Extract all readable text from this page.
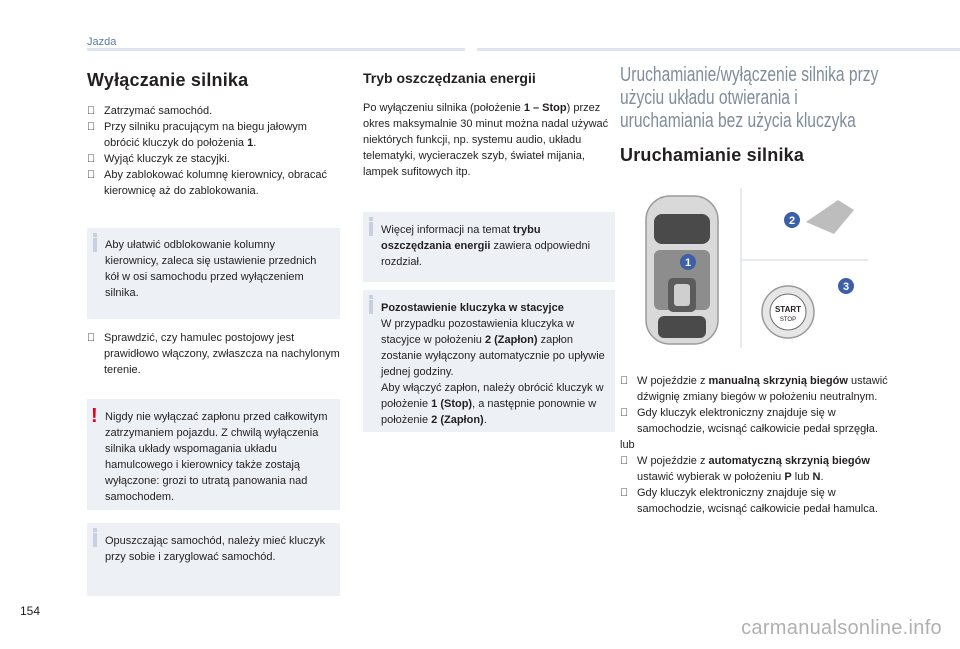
Jazda
Wyłączanie silnika
Zatrzymać samochód.
Przy silniku pracującym na biegu jałowym obrócić kluczyk do położenia 1.
Wyjąć kluczyk ze stacyjki.
Aby zablokować kolumnę kierownicy, obracać kierownicę aż do zablokowania.
Aby ułatwić odblokowanie kolumny kierownicy, zaleca się ustawienie przednich kół w osi samochodu przed wyłączeniem silnika.
Sprawdzić, czy hamulec postojowy jest prawidłowo włączony, zwłaszcza na nachylonym terenie.
! Nigdy nie wyłączać zapłonu przed całkowitym zatrzymaniem pojazdu. Z chwilą wyłączenia silnika układy wspomagania układu hamulcowego i kierownicy także zostają wyłączone: grozi to utratą panowania nad samochodem.
Opuszczając samochód, należy mieć kluczyk przy sobie i zaryglować samochód.
Tryb oszczędzania energii

Po wyłączeniu silnika (położenie 1 – Stop) przez okres maksymalnie 30 minut można nadal używać niektórych funkcji, np. systemu audio, układu telematyki, wycieraczek szyb, świateł mijania, lampek sufitowych itp.

Więcej informacji na temat trybu oszczędzania energii zawiera odpowiedni rozdział.
Pozostawienie kluczyka w stacyjce
W przypadku pozostawienia kluczyka w stacyjce w położeniu 2 (Zapłon) zapłon zostanie wyłączony automatycznie po upływie jednej godziny.
Aby włączyć zapłon, należy obrócić kluczyk w położenie 1 (Stop), a następnie ponownie w położenie 2 (Zapłon).
Uruchamianie/wyłączenie silnika przy użyciu układu otwierania i uruchamiania bez użycia kluczyka
Uruchamianie silnika
1
2
START
STOP
3
W pojeździe z manualną skrzynią biegów ustawić dźwignię zmiany biegów w położeniu neutralnym.
Gdy kluczyk elektroniczny znajduje się w samochodzie, wcisnąć całkowicie pedał sprzęgła.
lub
W pojeździe z automatyczną skrzynią biegów ustawić wybierak w położeniu P lub N.
Gdy kluczyk elektroniczny znajduje się w samochodzie, wcisnąć całkowicie pedał hamulca.
154
carmanualsonline.info
